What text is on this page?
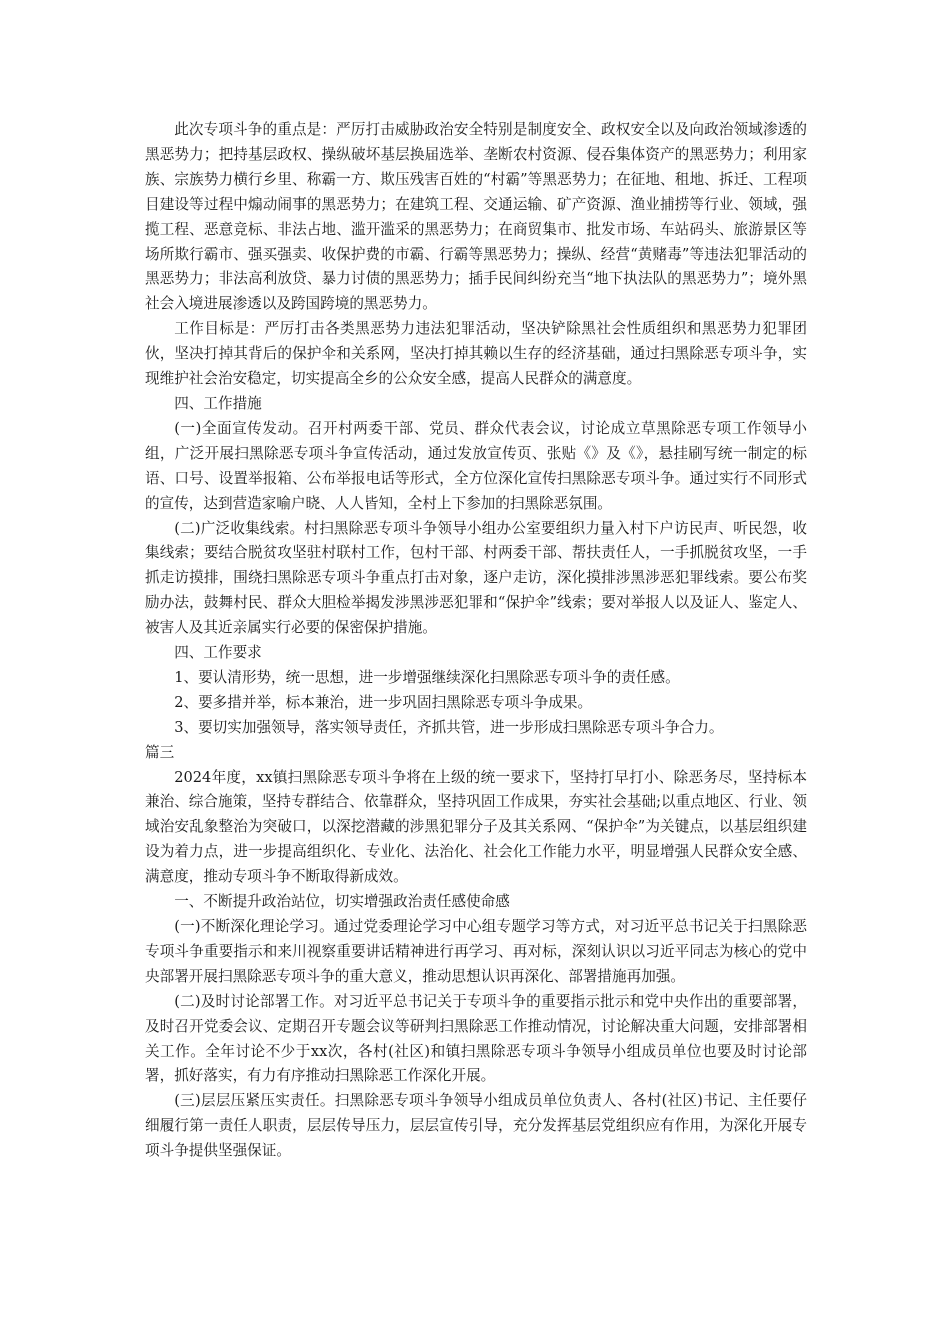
此次专项斗争的重点是：严厉打击威胁政治安全特别是制度安全、政权安全以及向政治领域渗透的黑恶势力；把持基层政权、操纵破坏基层换届选举、垄断农村资源、侵吞集体资产的黑恶势力；利用家族、宗族势力横行乡里、称霸一方、欺压残害百姓的“村霸”等黑恶势力；在征地、租地、拆迁、工程项目建设等过程中煽动闹事的黑恶势力；在建筑工程、交通运输、矿产资源、渔业捕捞等行业、领域，强揽工程、恶意竞标、非法占地、滥开滥采的黑恶势力；在商贸集市、批发市场、车站码头、旅游景区等场所欺行霸市、强买强卖、收保护费的市霸、行霸等黑恶势力；操纵、经营“黄赌毒”等违法犯罪活动的黑恶势力；非法高利放贷、暴力讨债的黑恶势力；插手民间纠纷充当“地下执法队的黑恶势力”；境外黑社会入境进展渗透以及跨国跨境的黑恶势力。

工作目标是：严厉打击各类黑恶势力违法犯罪活动，坚决铲除黑社会性质组织和黑恶势力犯罪团伙，坚决打掉其背后的保护伞和关系网，坚决打掉其赖以生存的经济基础，通过扫黑除恶专项斗争，实现维护社会治安稳定，切实提高全乡的公众安全感，提高人民群众的满意度。

四、工作措施

(一)全面宣传发动。召开村两委干部、党员、群众代表会议，讨论成立草黑除恶专项工作领导小组，广泛开展扫黑除恶专项斗争宣传活动，通过发放宣传页、张贴《》及《》，悬挂刷写统一制定的标语、口号、设置举报箱、公布举报电话等形式，全方位深化宣传扫黑除恶专项斗争。通过实行不同形式的宣传，达到营造家喻户晓、人人皆知，全村上下参加的扫黑除恶氛围。

(二)广泛收集线索。村扫黑除恶专项斗争领导小组办公室要组织力量入村下户访民声、听民怨，收集线索；要结合脱贫攻坚驻村联村工作，包村干部、村两委干部、帮扶责任人，一手抓脱贫攻坚，一手抓走访摸排，围绕扫黑除恶专项斗争重点打击对象，逐户走访，深化摸排涉黑涉恶犯罪线索。要公布奖励办法，鼓舞村民、群众大胆检举揭发涉黑涉恶犯罪和“保护伞”线索；要对举报人以及证人、鉴定人、被害人及其近亲属实行必要的保密保护措施。

四、工作要求

1、要认清形势，统一思想，进一步增强继续深化扫黑除恶专项斗争的责任感。

2、要多措并举，标本兼治，进一步巩固扫黑除恶专项斗争成果。

3、要切实加强领导，落实领导责任，齐抓共管，进一步形成扫黑除恶专项斗争合力。

篇三

2024年度，xx镇扫黑除恶专项斗争将在上级的统一要求下，坚持打早打小、除恶务尽，坚持标本兼治、综合施策，坚持专群结合、依靠群众，坚持巩固工作成果，夯实社会基础;以重点地区、行业、领域治安乱象整治为突破口，以深挖潜藏的涉黑犯罪分子及其关系网、“保护伞”为关键点，以基层组织建设为着力点，进一步提高组织化、专业化、法治化、社会化工作能力水平，明显增强人民群众安全感、满意度，推动专项斗争不断取得新成效。

一、不断提升政治站位，切实增强政治责任感使命感

(一)不断深化理论学习。通过党委理论学习中心组专题学习等方式，对习近平总书记关于扫黑除恶专项斗争重要指示和来川视察重要讲话精神进行再学习、再对标，深刻认识以习近平同志为核心的党中央部署开展扫黑除恶专项斗争的重大意义，推动思想认识再深化、部署措施再加强。

(二)及时讨论部署工作。对习近平总书记关于专项斗争的重要指示批示和党中央作出的重要部署，及时召开党委会议、定期召开专题会议等研判扫黑除恶工作推动情况，讨论解决重大问题，安排部署相关工作。全年讨论不少于xx次，各村(社区)和镇扫黑除恶专项斗争领导小组成员单位也要及时讨论部署，抓好落实，有力有序推动扫黑除恶工作深化开展。

(三)层层压紧压实责任。扫黑除恶专项斗争领导小组成员单位负责人、各村(社区)书记、主任要仔细履行第一责任人职责，层层传导压力，层层宣传引导，充分发挥基层党组织应有作用，为深化开展专项斗争提供坚强保证。
